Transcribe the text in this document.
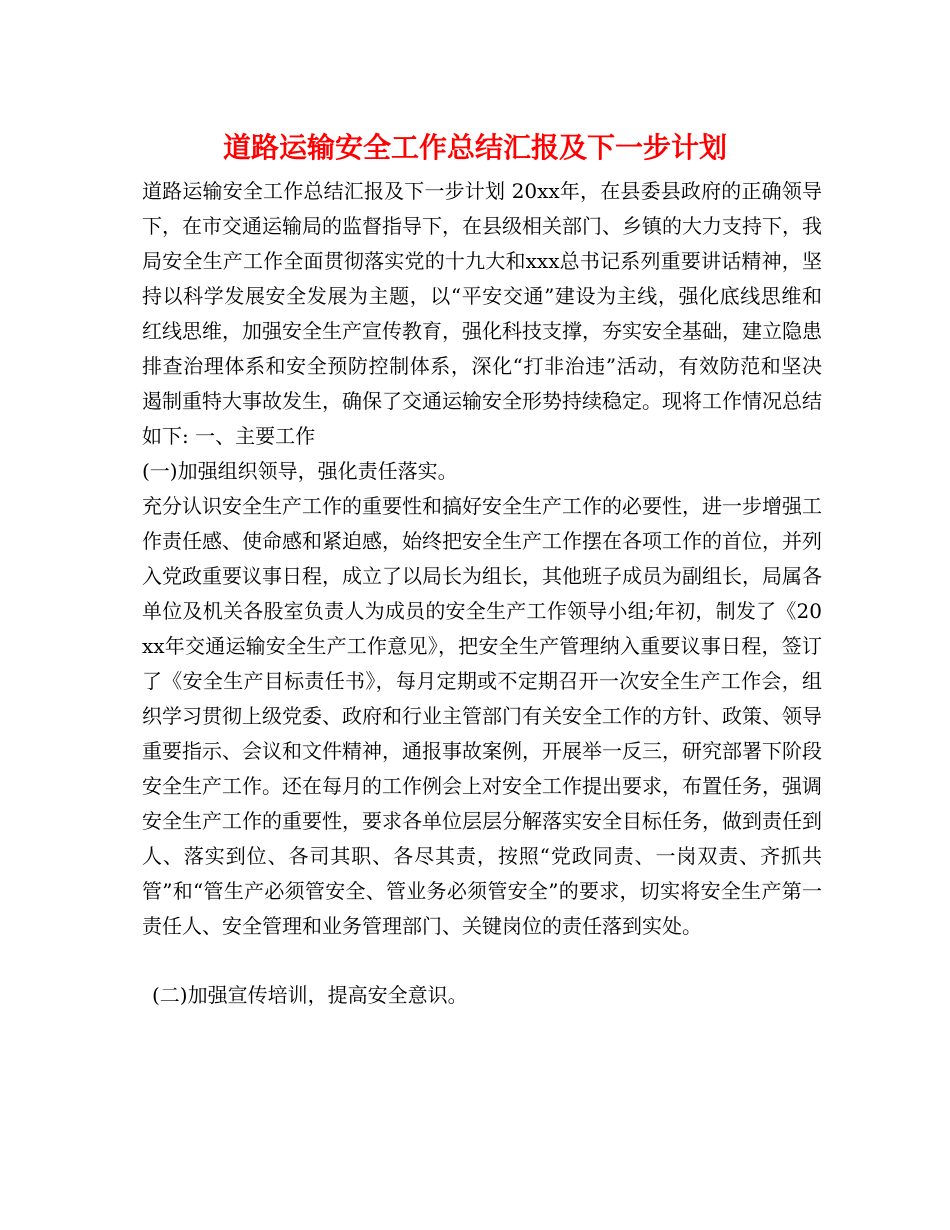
道路运输安全工作总结汇报及下一步计划

道路运输安全工作总结汇报及下一步计划 20xx年，在县委县政府的正确领导下，在市交通运输局的监督指导下，在县级相关部门、乡镇的大力支持下，我局安全生产工作全面贯彻落实党的十九大和xxx总书记系列重要讲话精神，坚持以科学发展安全发展为主题，以“平安交通”建设为主线，强化底线思维和红线思维，加强安全生产宣传教育，强化科技支撑，夯实安全基础，建立隐患排查治理体系和安全预防控制体系，深化“打非治违”活动，有效防范和坚决遏制重特大事故发生，确保了交通运输安全形势持续稳定。现将工作情况总结如下: 一、主要工作

(一)加强组织领导，强化责任落实。

充分认识安全生产工作的重要性和搞好安全生产工作的必要性，进一步增强工作责任感、使命感和紧迫感，始终把安全生产工作摆在各项工作的首位，并列入党政重要议事日程，成立了以局长为组长，其他班子成员为副组长，局属各单位及机关各股室负责人为成员的安全生产工作领导小组;年初，制发了《20xx年交通运输安全生产工作意见》，把安全生产管理纳入重要议事日程，签订了《安全生产目标责任书》，每月定期或不定期召开一次安全生产工作会，组织学习贯彻上级党委、政府和行业主管部门有关安全工作的方针、政策、领导重要指示、会议和文件精神，通报事故案例，开展举一反三，研究部署下阶段安全生产工作。还在每月的工作例会上对安全工作提出要求，布置任务，强调安全生产工作的重要性，要求各单位层层分解落实安全目标任务，做到责任到人、落实到位、各司其职、各尽其责，按照“党政同责、一岗双责、齐抓共管”和“管生产必须管安全、管业务必须管安全”的要求，切实将安全生产第一责任人、安全管理和业务管理部门、关键岗位的责任落到实处。

(二)加强宣传培训，提高安全意识。
